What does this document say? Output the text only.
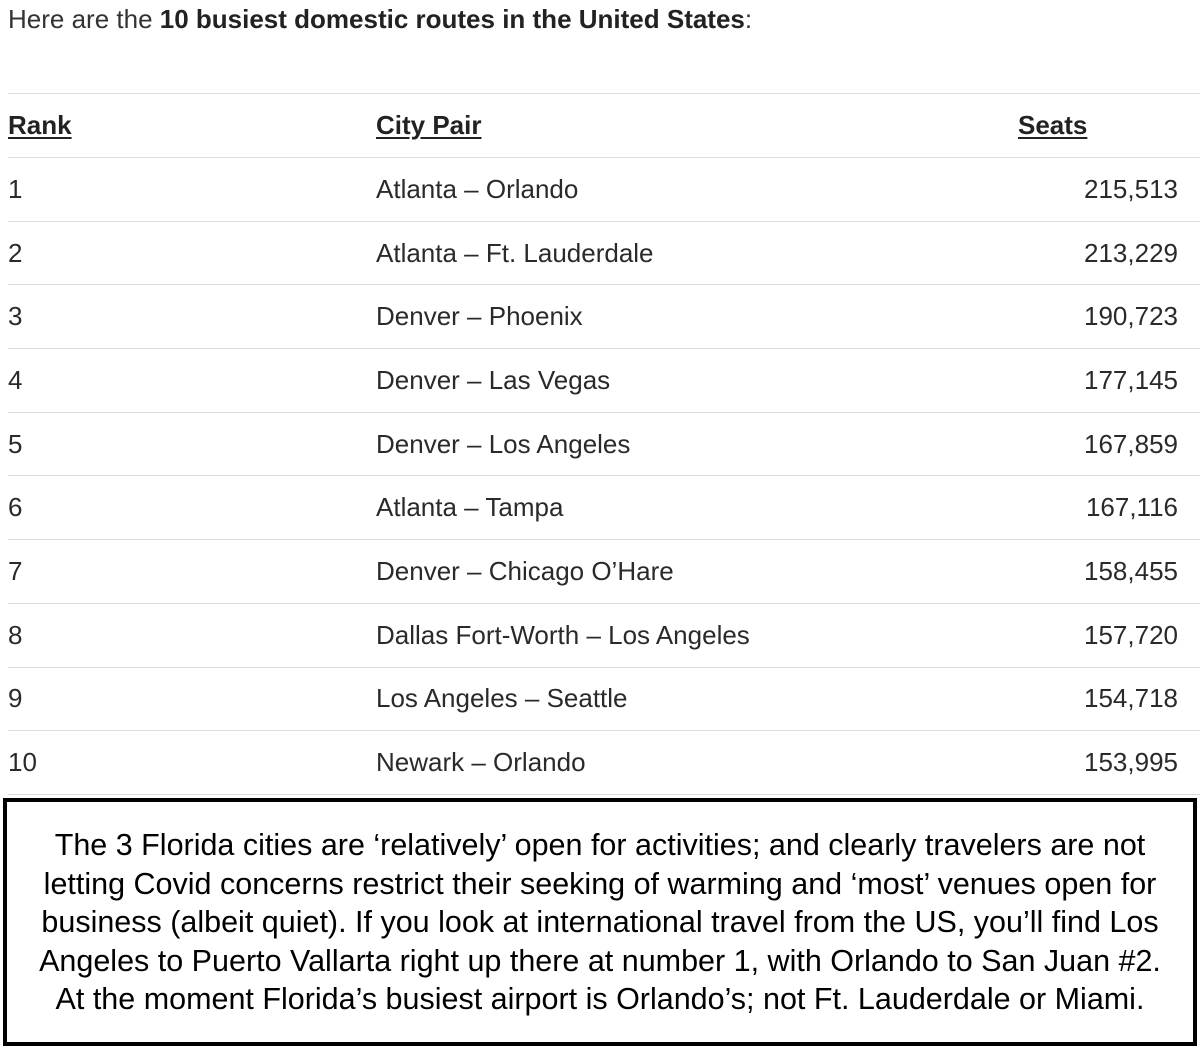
Here are the 10 busiest domestic routes in the United States:

Rank	City Pair	Seats
1	Atlanta – Orlando	215,513
2	Atlanta – Ft. Lauderdale	213,229
3	Denver – Phoenix	190,723
4	Denver – Las Vegas	177,145
5	Denver – Los Angeles	167,859
6	Atlanta – Tampa	167,116
7	Denver – Chicago O’Hare	158,455
8	Dallas Fort-Worth – Los Angeles	157,720
9	Los Angeles – Seattle	154,718
10	Newark – Orlando	153,995
The 3 Florida cities are ‘relatively’ open for activities; and clearly travelers are not
letting Covid concerns restrict their seeking of warming and ‘most’ venues open for
business (albeit quiet). If you look at international travel from the US, you’ll find Los
Angeles to Puerto Vallarta right up there at number 1, with Orlando to San Juan #2.
At the moment Florida’s busiest airport is Orlando’s; not Ft. Lauderdale or Miami.
